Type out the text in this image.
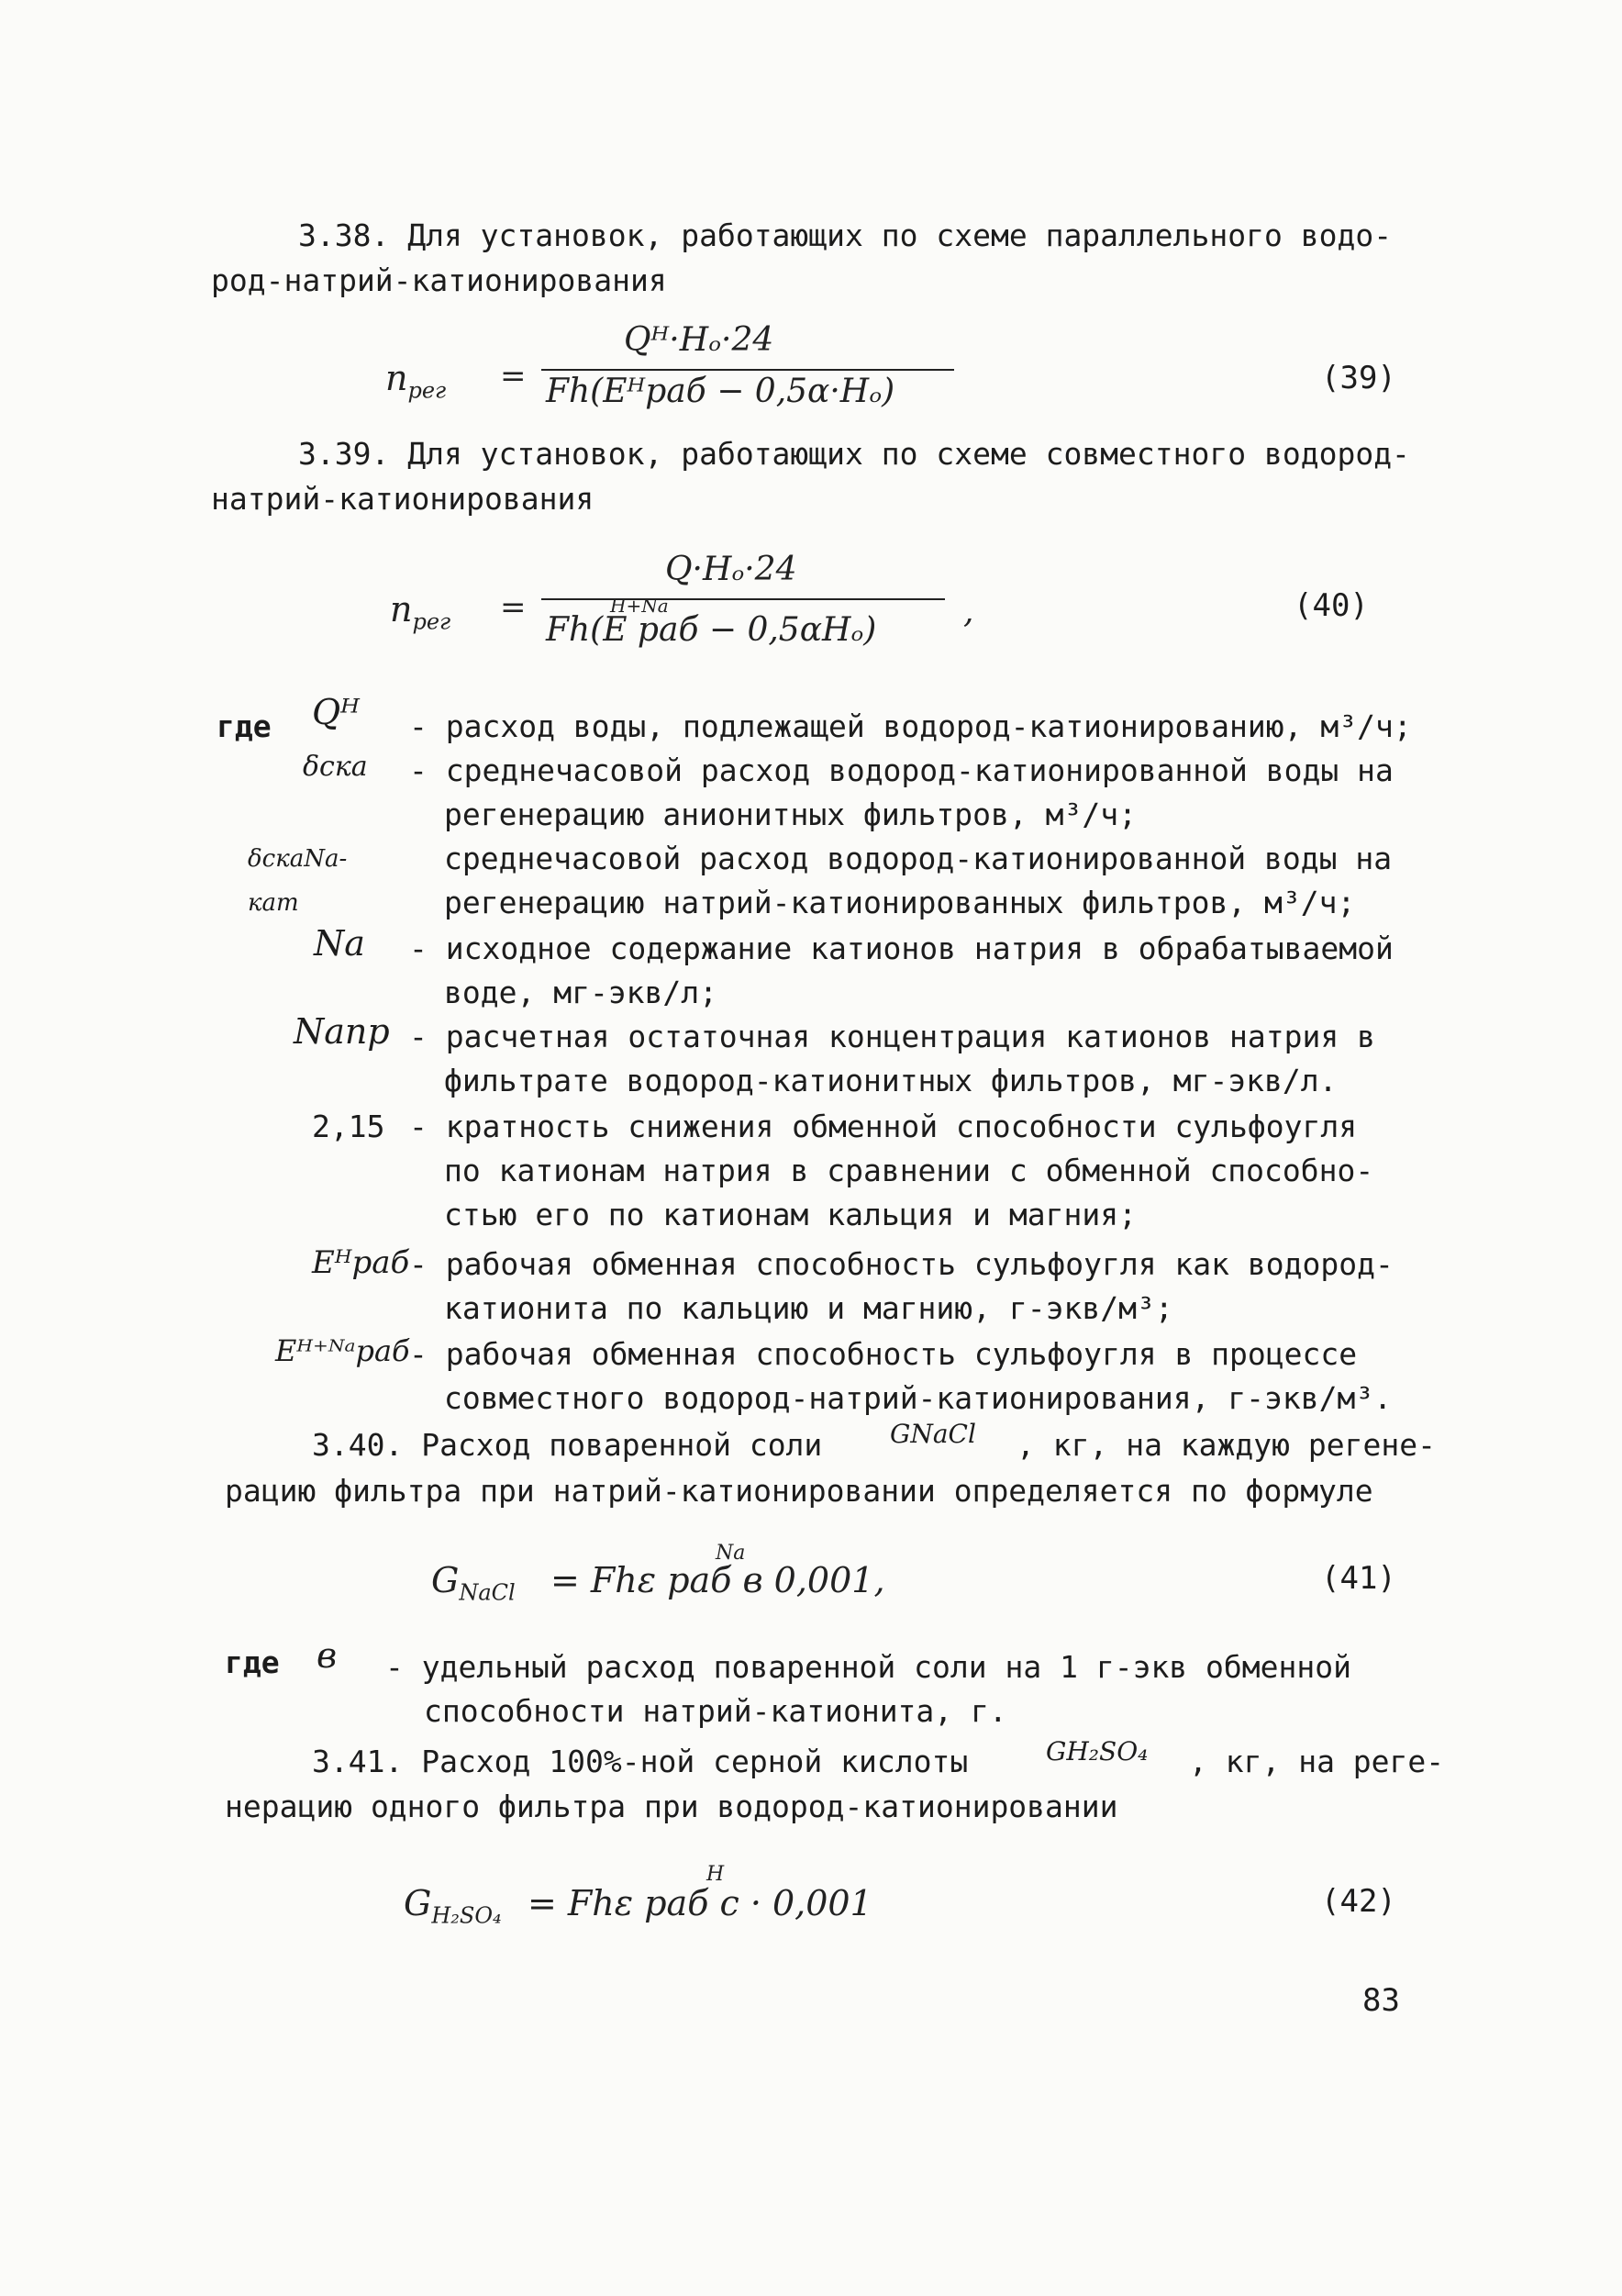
3.38. Для установок, работающих по схеме параллельного водо-
род-натрий-катионирования
$n_{рег}$ =
Qᴴ·Hₒ·24
Fh(Eᴴраб − 0,5α·Hₒ)	(39)
3.39. Для установок, работающих по схеме совместного водород-
натрий-катионирования
$n_{рег}$ =
Q·Hₒ·24
H+Na
Fh(E раб − 0,5αHₒ)	,	(40)
где Qᴴ - расход воды, подлежащей водород-катионированию, м³/ч;
δска - среднечасовой расход водород-катионированной воды на
регенерацию анионитных фильтров, м³/ч;
δскаNa-кат
среднечасовой расход водород-катионированной воды на
регенерацию натрий-катионированных фильтров, м³/ч;
Na - исходное содержание катионов натрия в обрабатываемой
воде, мг-экв/л;
Naпр - расчетная остаточная концентрация катионов натрия в
фильтрате водород-катионитных фильтров, мг-экв/л.
2,15 - кратность снижения обменной способности сульфоугля
по катионам натрия в сравнении с обменной способно-
стью его по катионам кальция и магния;
Eᴴраб - рабочая обменная способность сульфоугля как водород-
катионита по кальцию и магнию, г-экв/м³;
Eᴴ⁺ᴺᵃраб - рабочая обменная способность сульфоугля в процессе
совместного водород-натрий-катионирования, г-экв/м³.
3.40. Расход поваренной соли	GNaCl , кг, на каждую регене-
рацию фильтра при натрий-катионировании определяется по формуле
$G_{NaCl}$
Na
= Fhε раб в 0,001,	(41)
где в - удельный расход поваренной соли на 1 г-экв обменной
способности натрий-катионита, г.
3.41. Расход 100%-ной серной кислоты	GH₂SO₄ , кг, на реге-
нерацию одного фильтра при водород-катионировании
$G_{H_2SO_4}$
H
= Fhε раб c · 0,001	(42)
83
